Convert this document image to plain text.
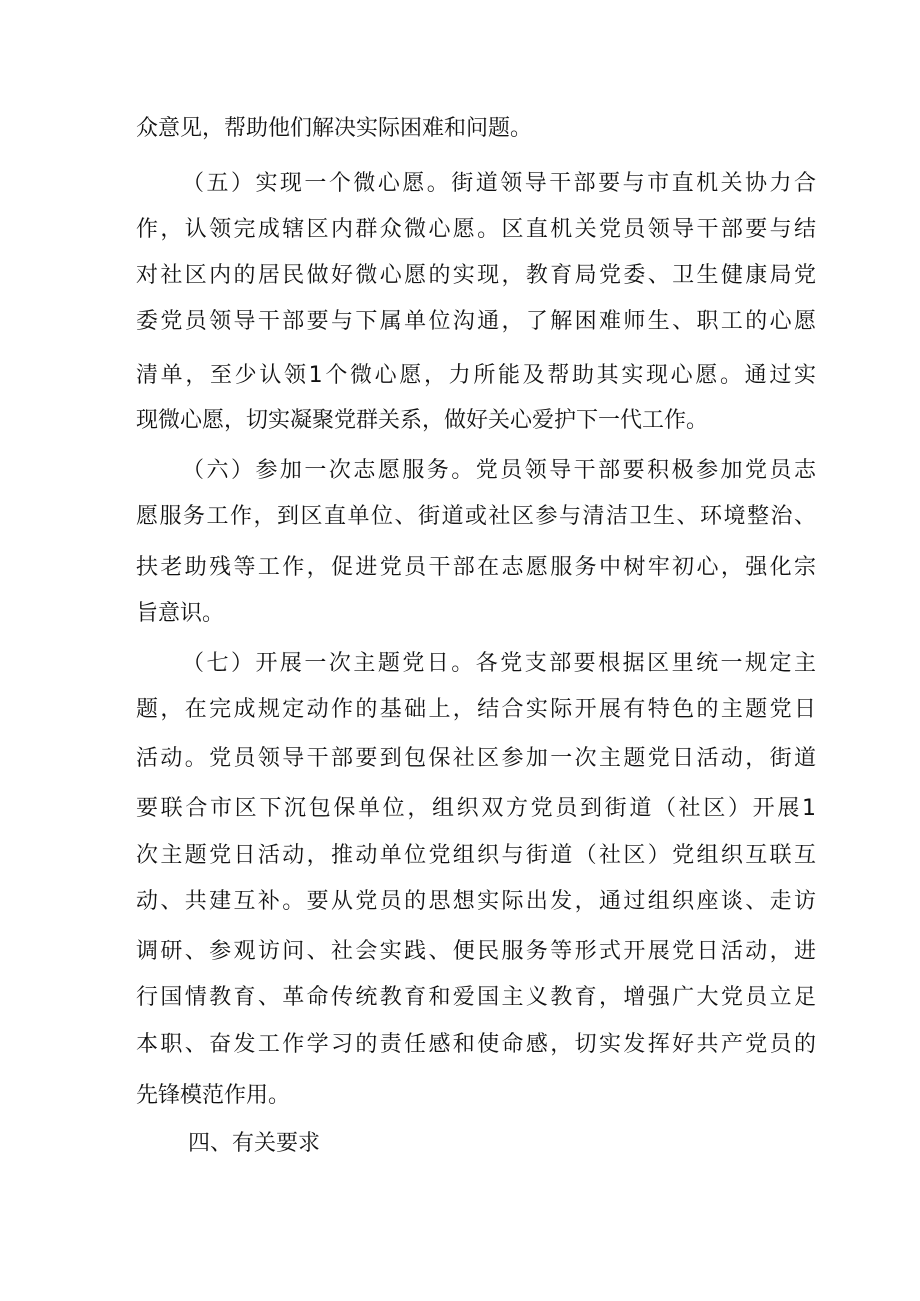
众意见，帮助他们解决实际困难和问题。
（五）实现一个微心愿。街道领导干部要与市直机关协力合
作，认领完成辖区内群众微心愿。区直机关党员领导干部要与结
对社区内的居民做好微心愿的实现，教育局党委、卫生健康局党
委党员领导干部要与下属单位沟通，了解困难师生、职工的心愿
清单，至少认领1个微心愿，力所能及帮助其实现心愿。通过实
现微心愿，切实凝聚党群关系，做好关心爱护下一代工作。
（六）参加一次志愿服务。党员领导干部要积极参加党员志
愿服务工作，到区直单位、街道或社区参与清洁卫生、环境整治、
扶老助残等工作，促进党员干部在志愿服务中树牢初心，强化宗
旨意识。
（七）开展一次主题党日。各党支部要根据区里统一规定主
题，在完成规定动作的基础上，结合实际开展有特色的主题党日
活动。党员领导干部要到包保社区参加一次主题党日活动，街道
要联合市区下沉包保单位，组织双方党员到街道（社区）开展1
次主题党日活动，推动单位党组织与街道（社区）党组织互联互
动、共建互补。要从党员的思想实际出发，通过组织座谈、走访
调研、参观访问、社会实践、便民服务等形式开展党日活动，进
行国情教育、革命传统教育和爱国主义教育，增强广大党员立足
本职、奋发工作学习的责任感和使命感，切实发挥好共产党员的
先锋模范作用。
四、有关要求
